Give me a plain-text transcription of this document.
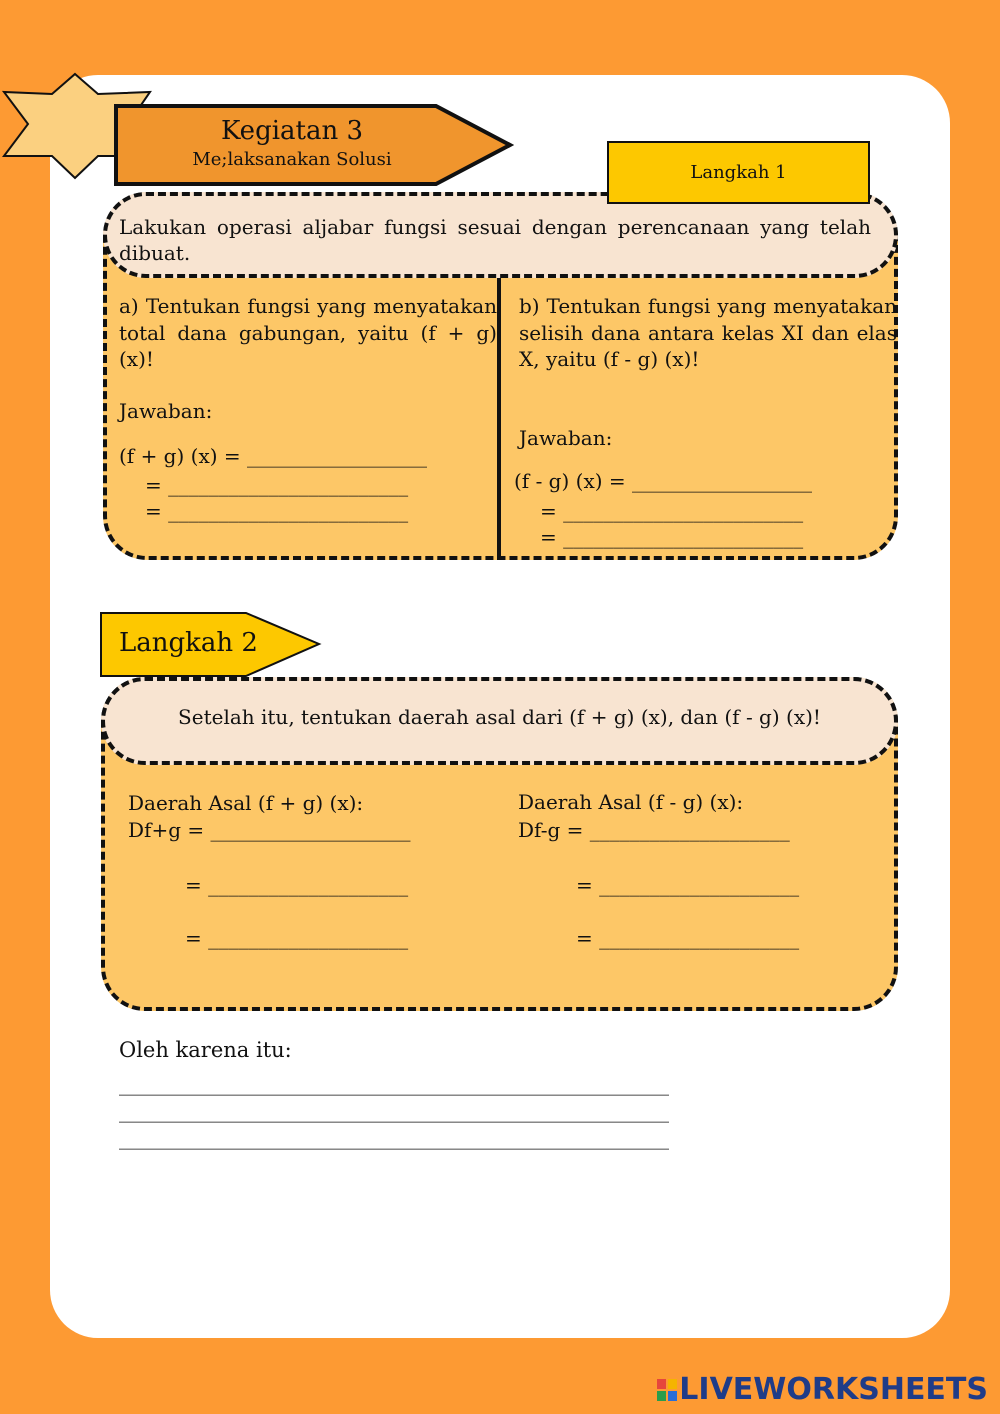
Kegiatan 3
Me;laksanakan Solusi
Langkah 1
Lakukan operasi aljabar fungsi sesuai dengan perencanaan yang telah dibuat.
a) Tentukan fungsi yang menyatakan total dana gabungan, yaitu (f + g) (x)!
Jawaban:
(f + g) (x) = __________________
= ________________________
= ________________________
b) Tentukan fungsi yang menyatakan selisih dana antara kelas XI dan elas X, yaitu (f - g) (x)!
Jawaban:
(f - g) (x) = __________________
= ________________________
= ________________________
Langkah 2
Setelah itu, tentukan daerah asal dari (f + g) (x), dan (f - g) (x)!
Daerah Asal (f + g) (x):
Df+g = ____________________
= ____________________
= ____________________
Daerah Asal (f - g) (x):
Df-g = ____________________
= ____________________
= ____________________
Oleh karena itu:
_______________________________________________________
_______________________________________________________
_______________________________________________________
LIVEWORKSHEETS
